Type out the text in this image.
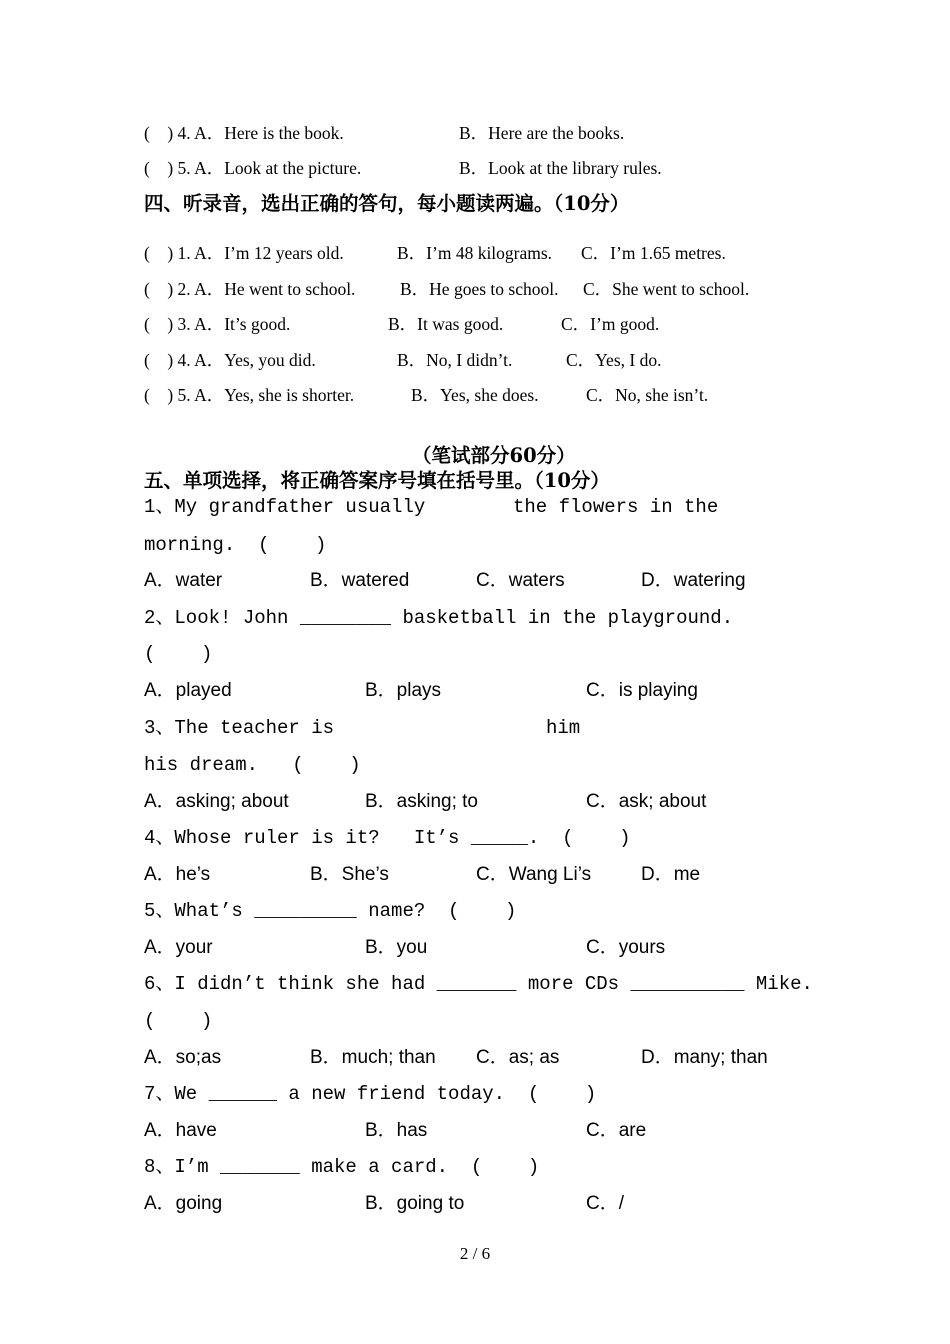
(    ) 4. A．Here is the book.	B．Here are the books.
(    ) 5. A．Look at the picture.	B．Look at the library rules.
四、听录音，选出正确的答句，每小题读两遍。（10分）
(    ) 1. A．I’m 12 years old.	B．I’m 48 kilograms. C．I’m 1.65 metres.
(    ) 2. A．He went to school.	B．He goes to school. C．She went to school.
(    ) 3. A．It’s good.	B．It was good.	C．I’m good.
(    ) 4. A．Yes, you did.	B．No, I didn’t.	C．Yes, I do.
(    ) 5. A．Yes, she is shorter.	B．Yes, she does.	C．No, she isn’t.
（笔试部分60分）
五、单项选择，将正确答案序号填在括号里。（10分）
1、My grandfather usually	the flowers in the
morning.  (    )
A．water	B．watered	C．waters	D．watering
2、Look! John ________ basketball in the playground.
(    )
A．played	B．plays	C．is playing
3、The teacher is	him
his dream.   (    )
A．asking; about	B．asking; to	C．ask; about
4、Whose ruler is it?   It’s _____.  (    )
A．he’s	B．She’s	C．Wang Li’s	D．me
5、What’s _________ name?  (    )
A．your	B．you	C．yours
6、I didn’t think she had _______ more CDs __________ Mike.
(    )
A．so;as	B．much; than C．as; as	D．many; than
7、We ______ a new friend today.  (    )
A．have	B．has	C．are
8、I’m _______ make a card.  (    )
A．going	B．going to	C．/
2 / 6
